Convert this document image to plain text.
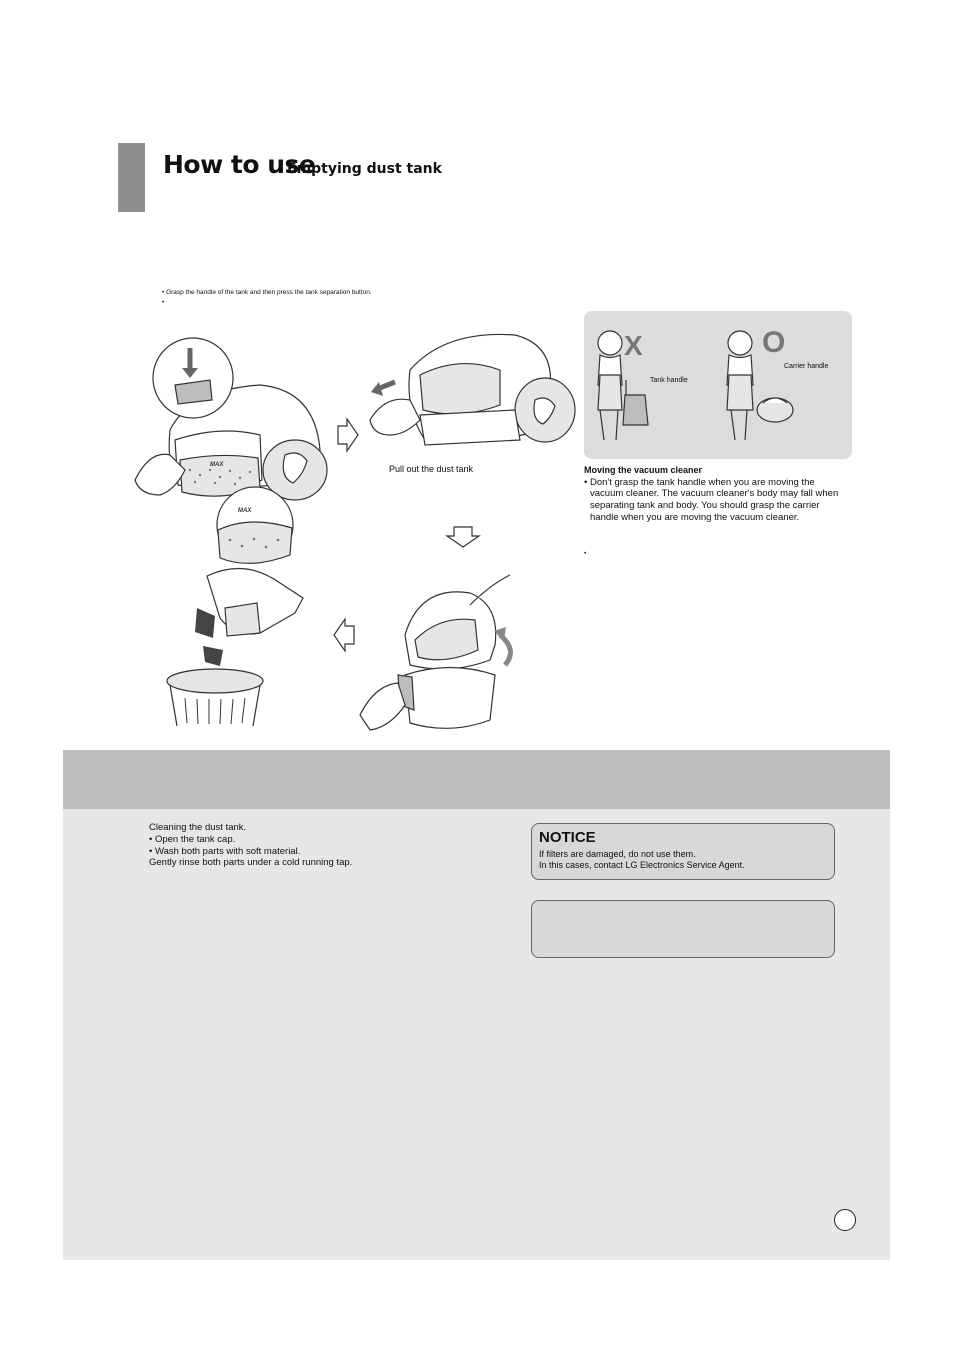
How to use
Emptying dust tank
• Grasp the handle of the tank and then press the tank separation button.
•
MAX
MAX
Pull out the dust tank
X
Tank handle
O
Carrier handle
Moving the vacuum cleaner
• Don't grasp the tank handle when you are moving the
vacuum cleaner. The vacuum cleaner's body may fall when
separating tank and body. You should grasp the carrier
handle when you are moving the vacuum cleaner.
•
Cleaning the dust tank.
• Open the tank cap.
• Wash both parts with soft material.
Gently rinse both parts under a cold running tap.
NOTICE
If filters are damaged, do not use them.
In this cases, contact LG Electronics Service Agent.
